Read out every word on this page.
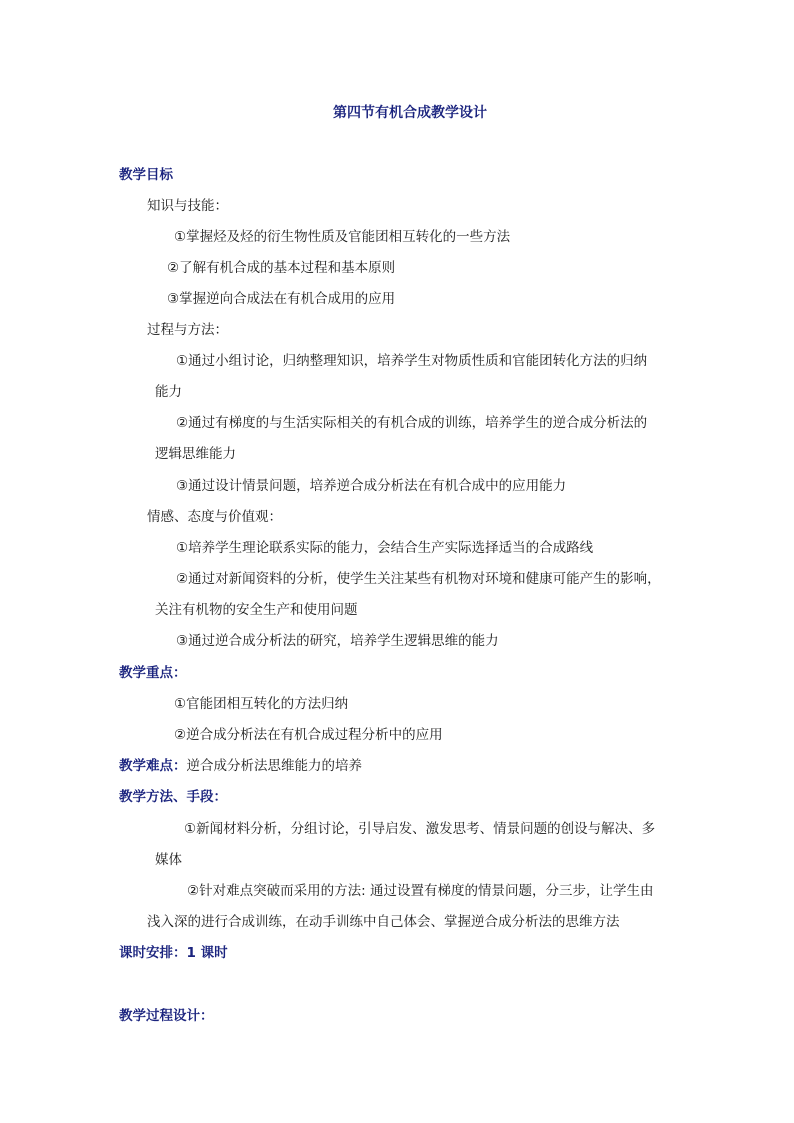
第四节有机合成教学设计
教学目标
知识与技能：
①掌握烃及烃的衍生物性质及官能团相互转化的一些方法
②了解有机合成的基本过程和基本原则
③掌握逆向合成法在有机合成用的应用
过程与方法：
①通过小组讨论，归纳整理知识，培养学生对物质性质和官能团转化方法的归纳
能力
②通过有梯度的与生活实际相关的有机合成的训练，培养学生的逆合成分析法的
逻辑思维能力
③通过设计情景问题，培养逆合成分析法在有机合成中的应用能力
情感、态度与价值观：
①培养学生理论联系实际的能力，会结合生产实际选择适当的合成路线
②通过对新闻资料的分析，使学生关注某些有机物对环境和健康可能产生的影响，
关注有机物的安全生产和使用问题
③通过逆合成分析法的研究，培养学生逻辑思维的能力
教学重点：
①官能团相互转化的方法归纳
②逆合成分析法在有机合成过程分析中的应用
教学难点：逆合成分析法思维能力的培养
教学方法、手段：
①新闻材料分析，分组讨论，引导启发、激发思考、情景问题的创设与解决、多
媒体
②针对难点突破而采用的方法: 通过设置有梯度的情景问题，分三步，让学生由
浅入深的进行合成训练，在动手训练中自己体会、掌握逆合成分析法的思维方法
课时安排：1 课时
教学过程设计：
